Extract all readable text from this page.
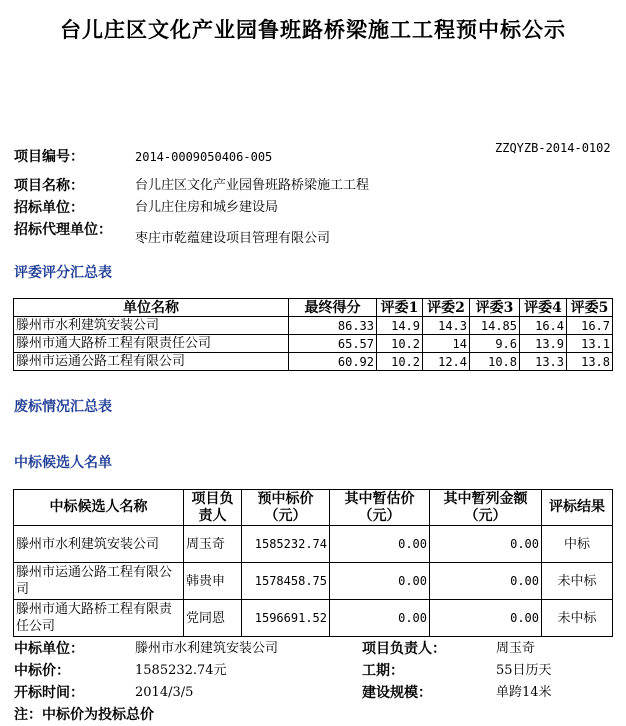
台儿庄区文化产业园鲁班路桥梁施工工程预中标公示
ZZQYZB-2014-0102
项目编号：	2014-0009050406-005
项目名称：	台儿庄区文化产业园鲁班路桥梁施工工程
招标单位：	台儿庄住房和城乡建设局
招标代理单位：
枣庄市乾蕴建设项目管理有限公司
评委评分汇总表
单位名称	最终得分	评委1	评委2	评委3	评委4	评委5
滕州市水利建筑安装公司	86.33	14.9	14.3	14.85	16.4	16.7
滕州市通大路桥工程有限责任公司	65.57	10.2	14	9.6	13.9	13.1
滕州市运通公路工程有限公司	60.92	10.2	12.4	10.8	13.3	13.8
废标情况汇总表
中标候选人名单
中标候选人名称	项目负责人	预中标价（元）	其中暂估价（元）	其中暂列金额（元）	评标结果
滕州市水利建筑安装公司	周玉奇	1585232.74	0.00	0.00	中标
滕州市运通公路工程有限公司	韩贵申	1578458.75	0.00	0.00	未中标
滕州市通大路桥工程有限责任公司	党同恩	1596691.52	0.00	0.00	未中标
中标单位：	滕州市水利建筑安装公司	项目负责人：	周玉奇
中标价：	1585232.74元	工期：	55日历天
开标时间：	2014/3/5	建设规模：	单跨14米
注：中标价为投标总价
